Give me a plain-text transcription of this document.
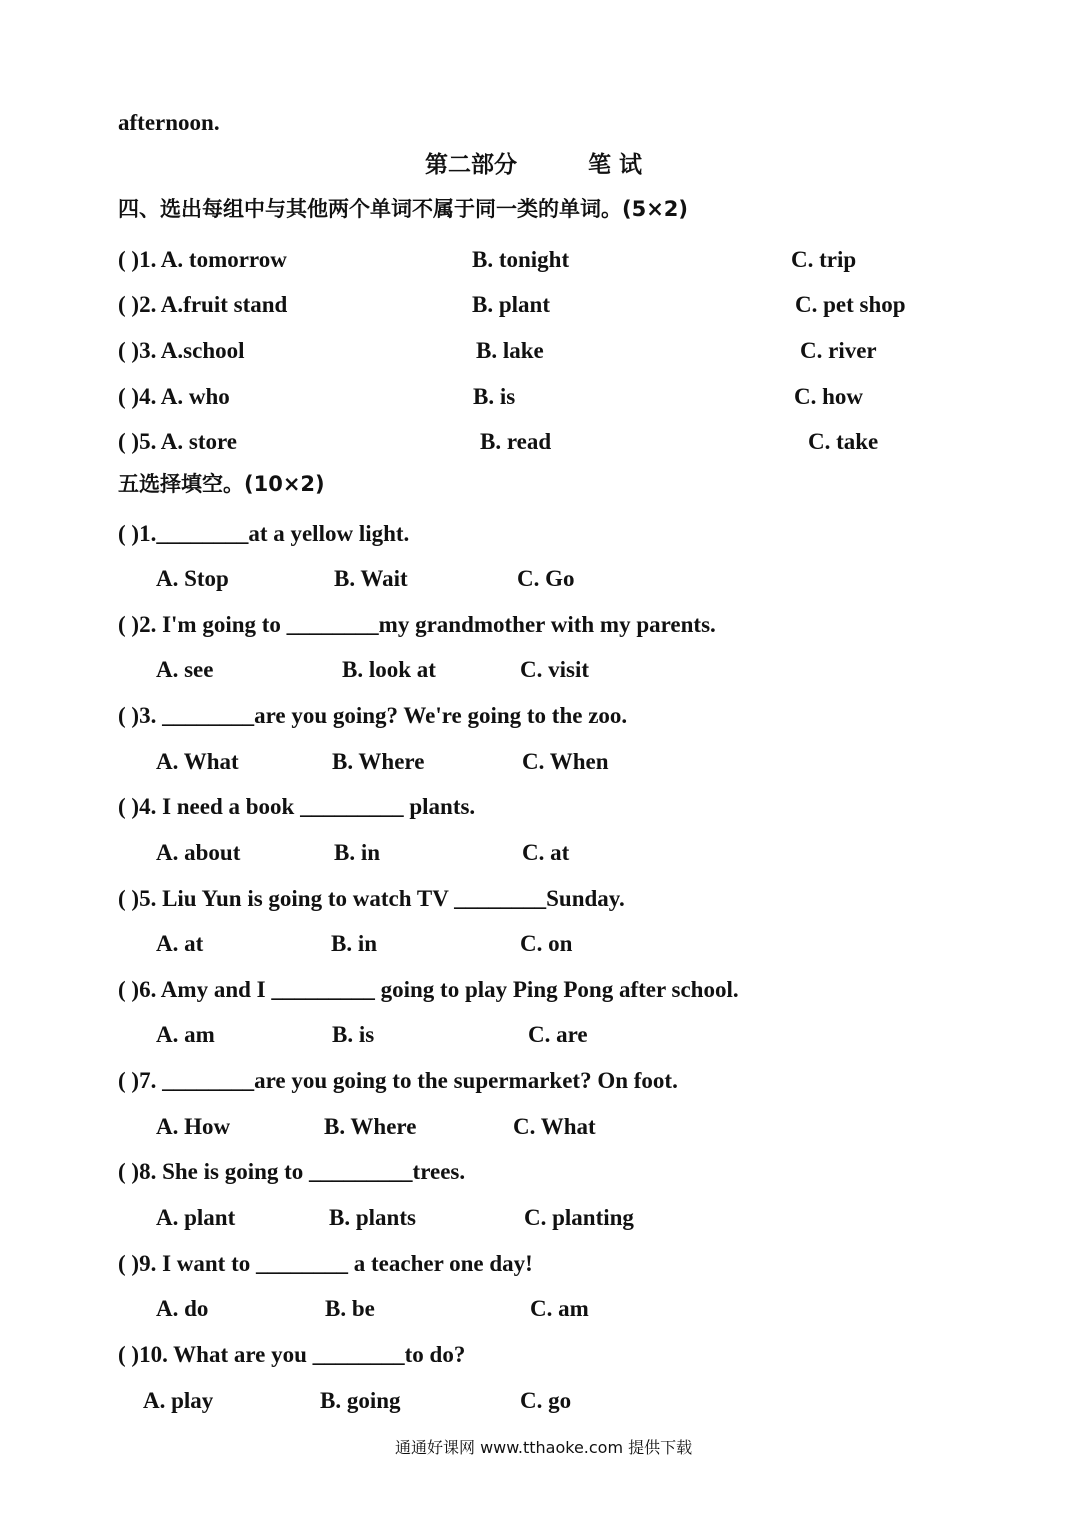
afternoon.
第二部分	笔 试
四、选出每组中与其他两个单词不属于同一类的单词。(5×2)
( )1. A. tomorrow	B. tonight	C. trip
( )2. A.fruit stand	B. plant	C. pet shop
( )3. A.school	B. lake	C. river
( )4. A. who	B. is	C. how
( )5. A. store	B. read	C. take
五选择填空。(10×2)
( )1.________at a yellow light.
A. Stop	B. Wait	C. Go
( )2. I'm going to ________my grandmother with my parents.
A. see	B. look at	C. visit
( )3. ________are you going? We're going to the zoo.
A. What	B. Where	C. When
( )4. I need a book _________ plants.
A. about	B. in	C. at
( )5. Liu Yun is going to watch TV ________Sunday.
A. at	B. in	C. on
( )6. Amy and I _________ going to play Ping Pong after school.
A. am	B. is	C. are
( )7. ________are you going to the supermarket? On foot.
A. How	B. Where	C. What
( )8. She is going to _________trees.
A. plant	B. plants	C. planting
( )9. I want to ________ a teacher one day!
A. do	B. be	C. am
( )10. What are you ________to do?
A. play	B. going	C. go
通通好课网 www.tthaoke.com 提供下载
